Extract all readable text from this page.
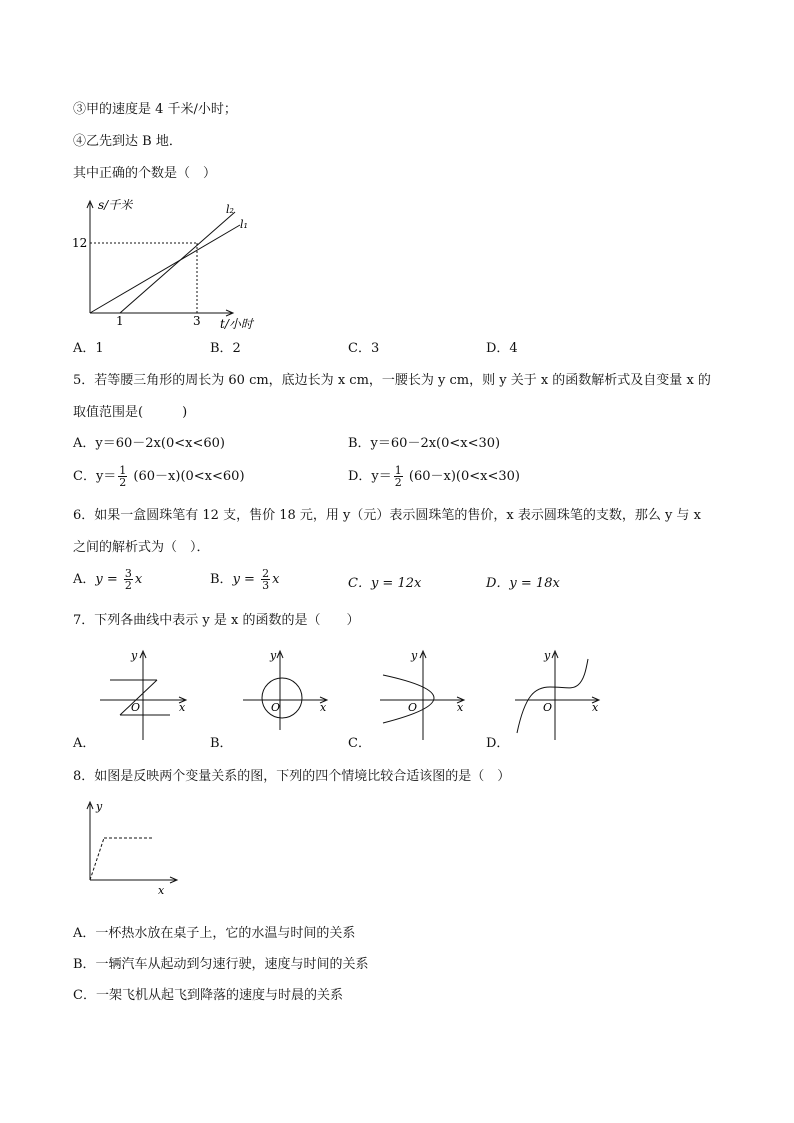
③甲的速度是 4 千米/小时；
④乙先到达 B 地．
其中正确的个数是（　）
s/千米
t/小时
12
1	3
l₂
l₁
A．1	B．2	C．3	D．4
5．若等腰三角形的周长为 60 cm，底边长为 x cm，一腰长为 y cm，则 y 关于 x 的函数解析式及自变量 x 的
取值范围是(　　　)
A．y＝60－2x(0<x<60)	B．y＝60－2x(0<x<30)
C．$y= \frac{1}{2} (60-x)(0<x<60)$	D．$y= \frac{1}{2} (60-x)(0<x<30)$
6．如果一盒圆珠笔有 12 支，售价 18 元，用 y（元）表示圆珠笔的售价，x 表示圆珠笔的支数，那么 y 与 x
之间的解析式为（　）．
A．$y = \frac{3}{2}$ x	B．$y = \frac{2}{3}$ x	C．y = 12x	D．y = 18x
7．下列各曲线中表示 y 是 x 的函数的是（　　）
y
x
O
A．
y
x
O
B．
y
x
O
C．
y
x
O
D．
8．如图是反映两个变量关系的图，下列的四个情境比较合适该图的是（　）
y
x
A．一杯热水放在桌子上，它的水温与时间的关系
B．一辆汽车从起动到匀速行驶，速度与时间的关系
C．一架飞机从起飞到降落的速度与时晨的关系
